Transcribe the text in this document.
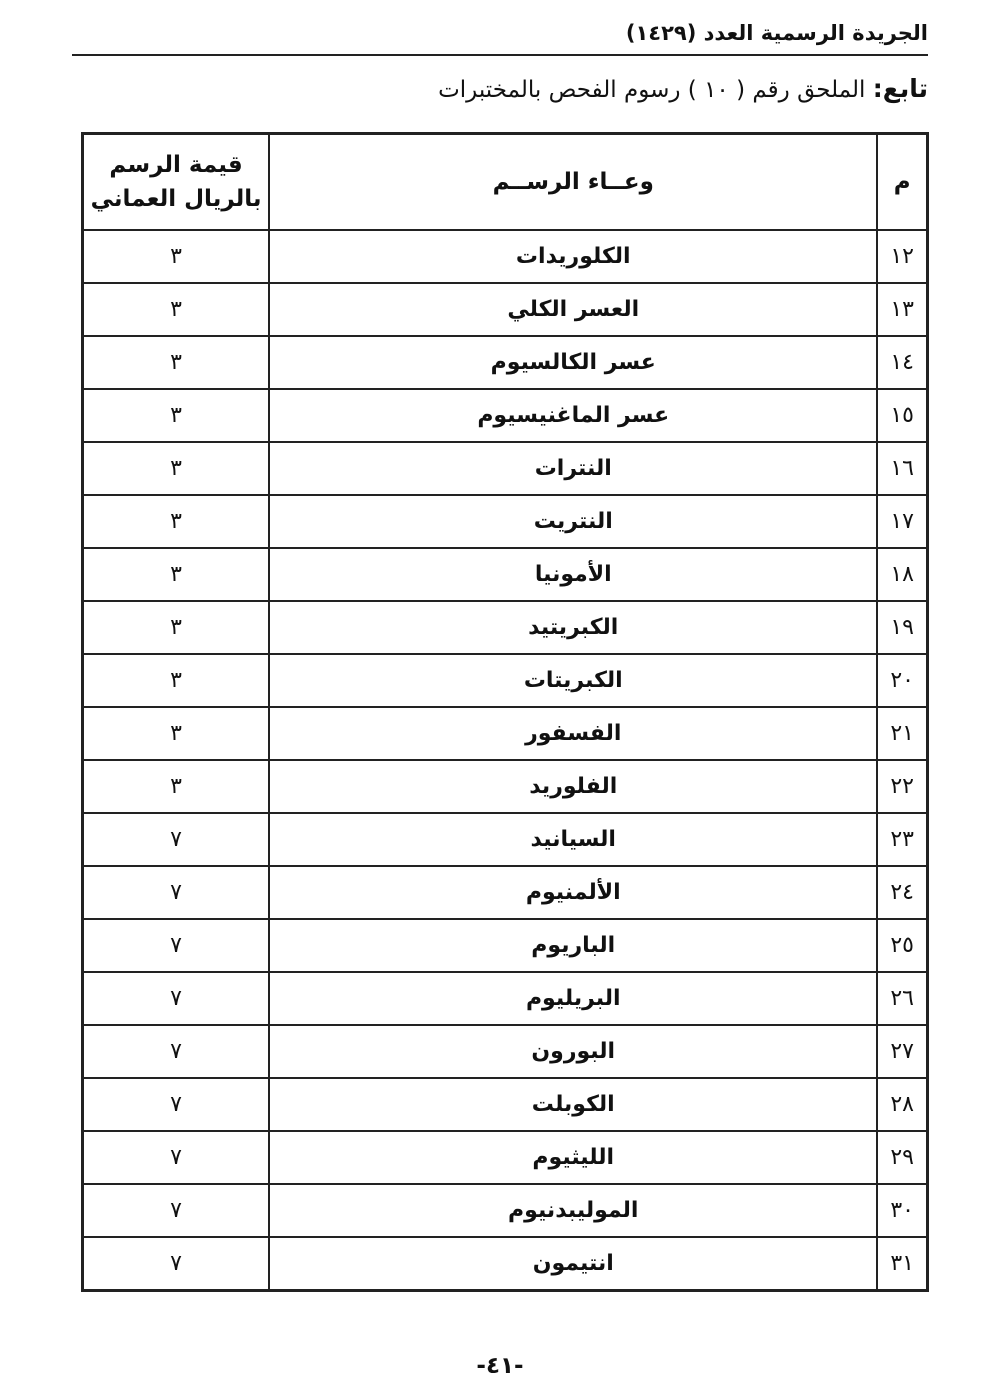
الجريدة الرسمية العدد (١٤٢٩)
تابع: الملحق رقم ( ١٠ ) رسوم الفحص بالمختبرات
م	وعــاء الرســم	قيمة الرسم
بالريال العماني

١٢	الكلوريدات	٣
١٣	العسر الكلي	٣
١٤	عسر الكالسيوم	٣
١٥	عسر الماغنيسيوم	٣
١٦	النترات	٣
١٧	النتريت	٣
١٨	الأمونيا	٣
١٩	الكبريتيد	٣
٢٠	الكبريتات	٣
٢١	الفسفور	٣
٢٢	الفلوريد	٣
٢٣	السيانيد	٧
٢٤	الألمنيوم	٧
٢٥	الباريوم	٧
٢٦	البريليوم	٧
٢٧	البورون	٧
٢٨	الكوبلت	٧
٢٩	الليثيوم	٧
٣٠	الموليبدنيوم	٧
٣١	انتيمون	٧
-٤١-
